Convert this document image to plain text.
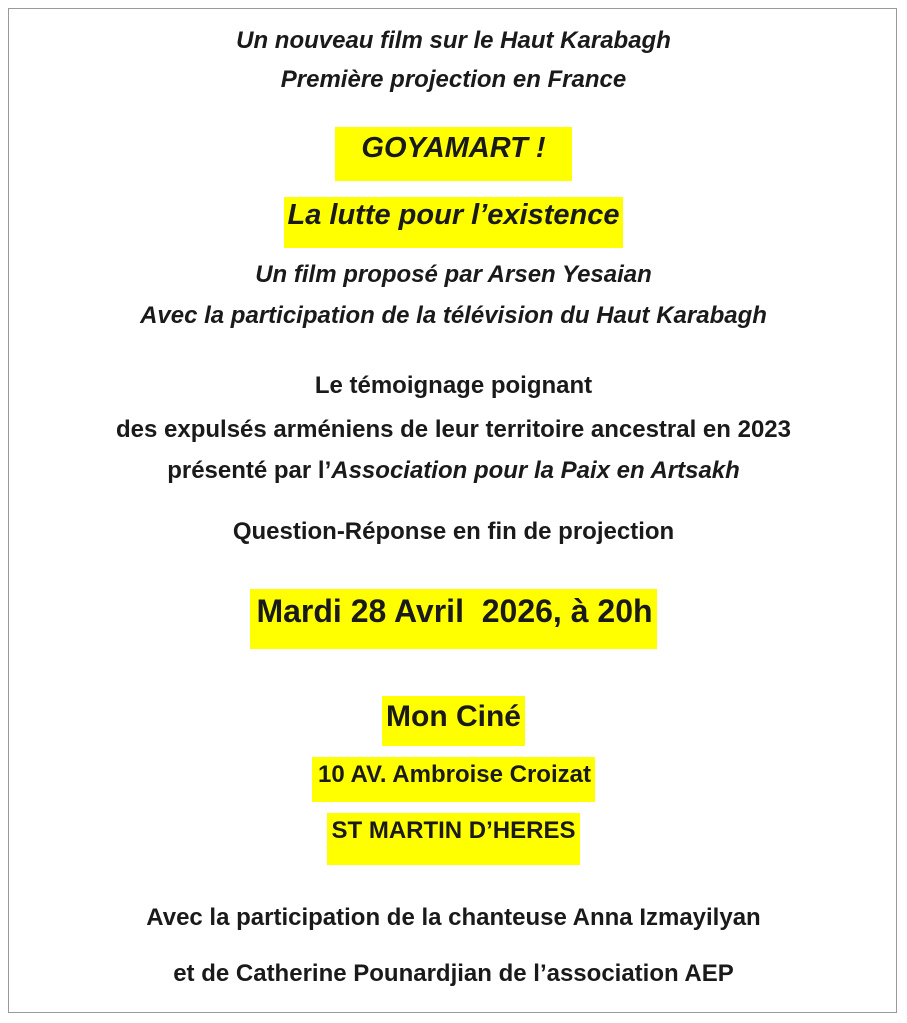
Un nouveau film sur le Haut Karabagh
Première projection en France
GOYAMART !
La lutte pour l’existence
Un film proposé par Arsen Yesaian
Avec la participation de la télévision du Haut Karabagh
Le témoignage poignant
des expulsés arméniens de leur territoire ancestral en 2023
présenté par l’Association pour la Paix en Artsakh
Question-Réponse en fin de projection
Mardi 28 Avril  2026, à 20h
Mon Ciné
10 AV. Ambroise Croizat
ST MARTIN D’HERES
Avec la participation de la chanteuse Anna Izmayilyan
et de Catherine Pounardjian de l’association AEP
